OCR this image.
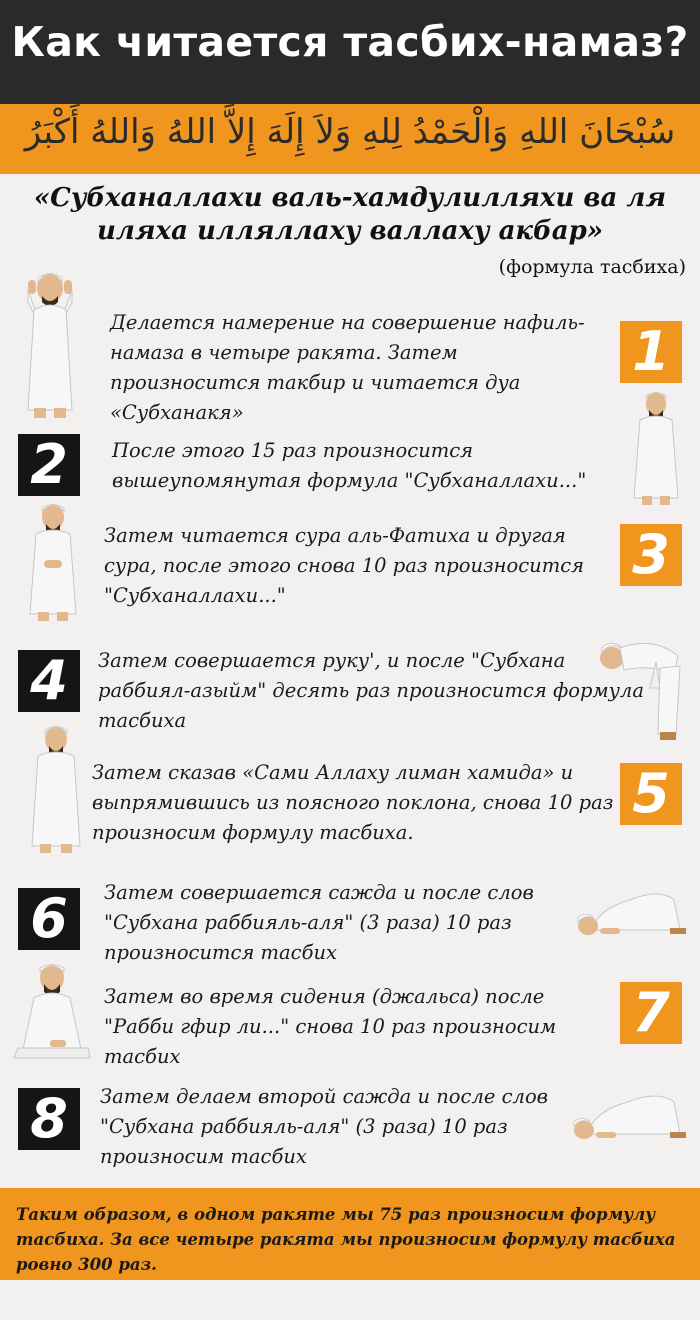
Как читается тасбих-намаз?
سُبْحَانَ اللهِ وَالْحَمْدُ لِلهِ وَلاَ إِلَهَ إِلاَّ اللهُ وَاللهُ أَكْبَرُ
«Субханаллахи валь-хамдулилляхи ва ля иляха илляллаху валлаху акбар»
(формула тасбиха)
Делается намерение на совершение нафиль-намаза в четыре ракята. Затем произносится такбир и читается дуа «Субханакя»
1
2	После этого 15 раз произносится вышеупомянутая формула "Субханаллахи..."
Затем читается сура аль-Фатиха и другая сура, после этого снова 10 раз произносится "Субханаллахи..."
3
4	Затем совершается руку', и после "Субхана раббиял-азыйм" десять раз произносится формула тасбиха
Затем сказав «Сами Аллаху лиман хамида» и выпрямившись из поясного поклона, снова 10 раз произносим формулу тасбиха.
5
6	Затем совершается сажда и после слов "Субхана раббияль-аля" (3 раза) 10 раз произносится тасбих
Затем во время сидения (джальса) после "Рабби гфир ли..." снова 10 раз произносим тасбих
7
8	Затем делаем второй сажда и после слов "Субхана раббияль-аля" (3 раза) 10 раз произносим тасбих

Таким образом, в одном ракяте мы 75 раз произносим формулу тасбиха. За все четыре ракята мы произносим формулу тасбиха ровно 300 раз.
